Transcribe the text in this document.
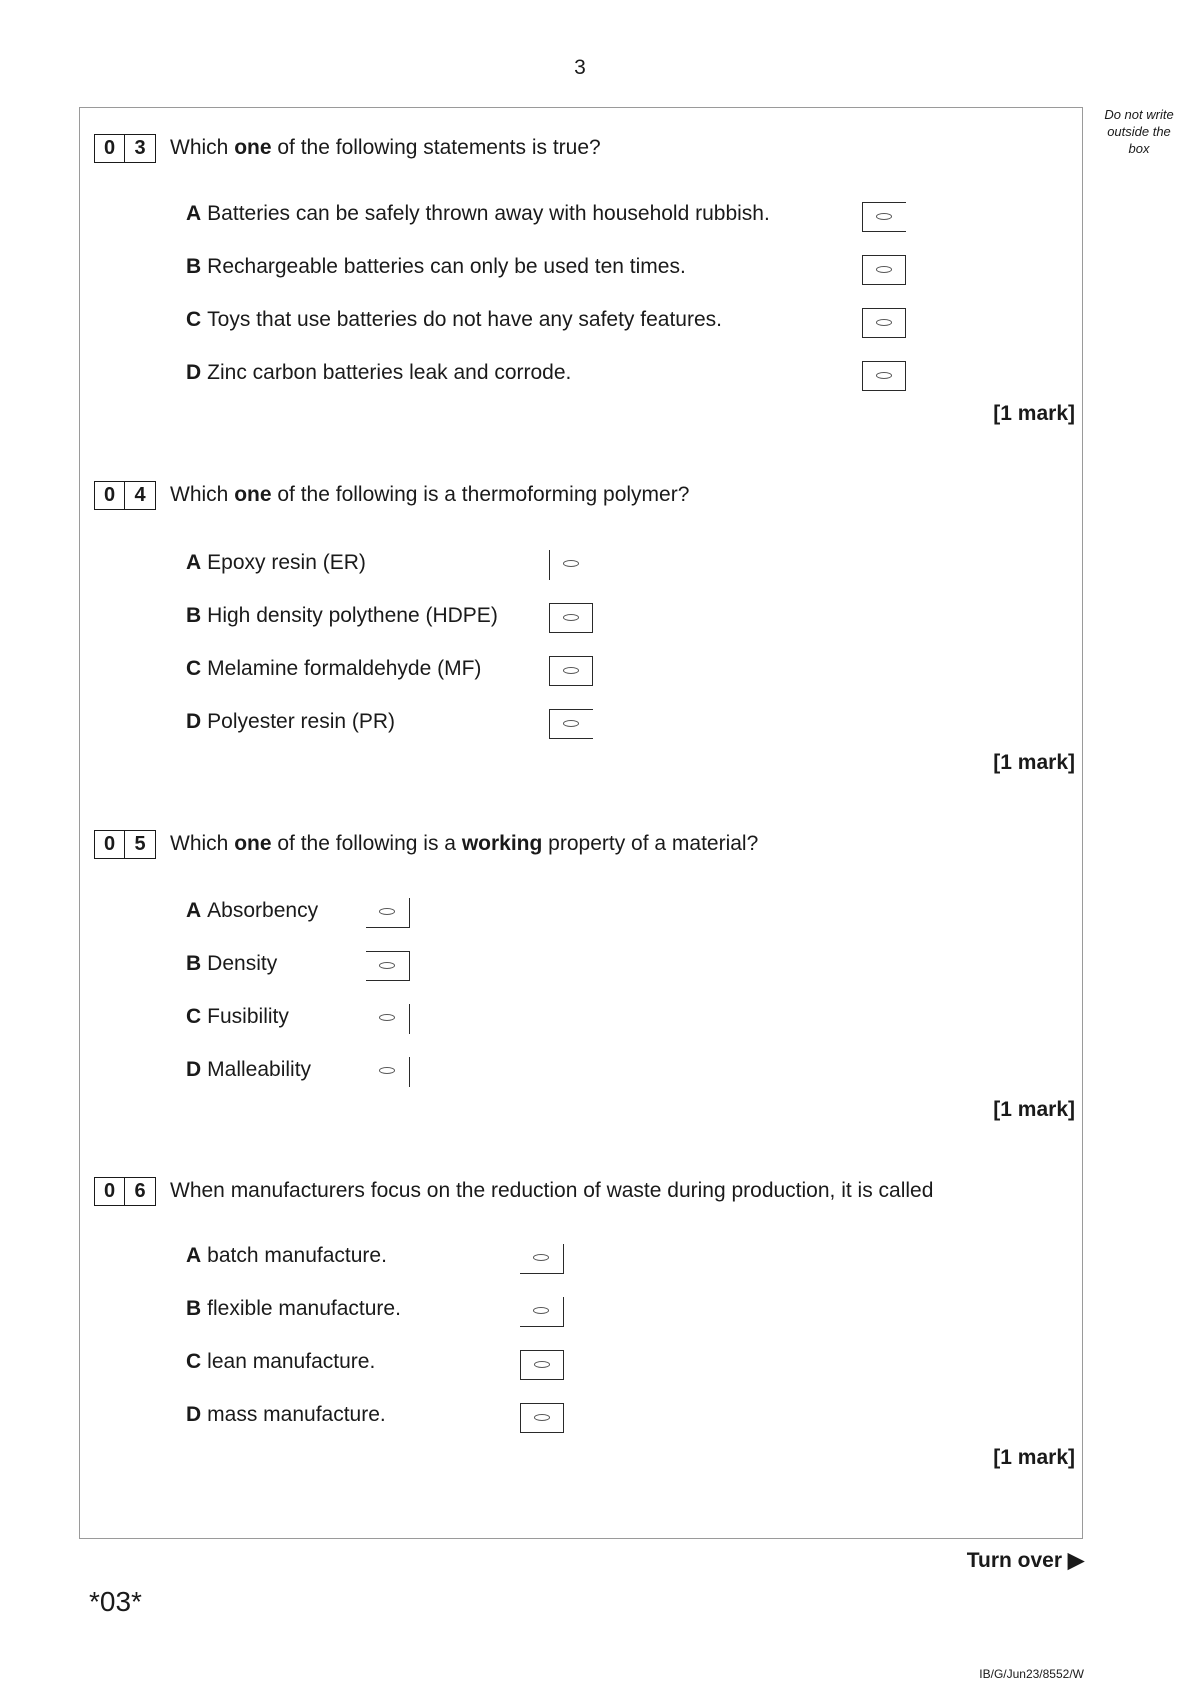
3
Do not write
outside the
box
0 3	Which one of the following statements is true?
A Batteries can be safely thrown away with household rubbish.
B Rechargeable batteries can only be used ten times.
C Toys that use batteries do not have any safety features.
D Zinc carbon batteries leak and corrode.
[1 mark]
0 4	Which one of the following is a thermoforming polymer?
A Epoxy resin (ER)
B High density polythene (HDPE)
C Melamine formaldehyde (MF)
D Polyester resin (PR)
[1 mark]
0 5	Which one of the following is a working property of a material?
A Absorbency
B Density
C Fusibility
D Malleability
[1 mark]
0 6	When manufacturers focus on the reduction of waste during production, it is called
A batch manufacture.
B flexible manufacture.
C lean manufacture.
D mass manufacture.
[1 mark]
Turn over ▶
*03*
IB/G/Jun23/8552/W
